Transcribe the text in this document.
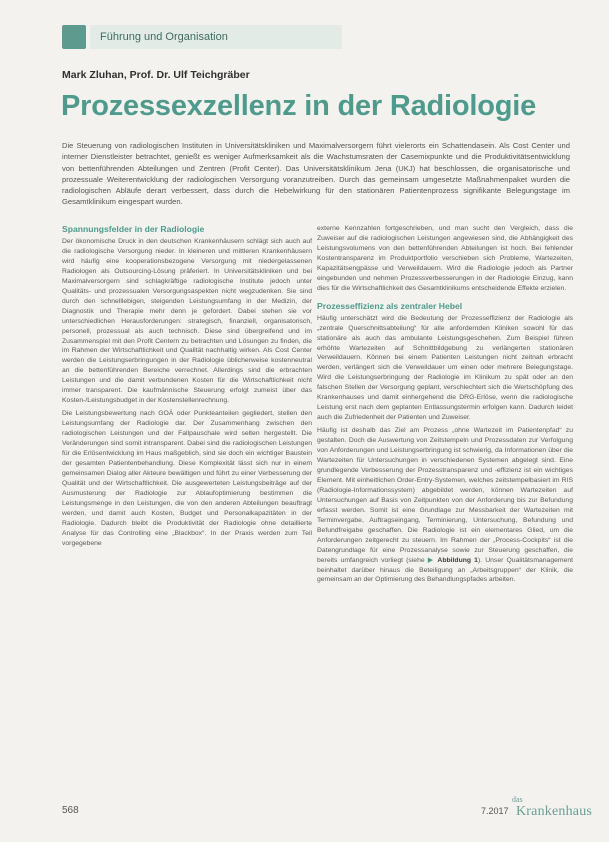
Führung und Organisation
Mark Zluhan, Prof. Dr. Ulf Teichgräber
Prozessexzellenz in der Radiologie

Die Steuerung von radiologischen Instituten in Universitätskliniken und Maximalversorgern führt vielerorts ein Schattendasein. Als Cost Center und interner Dienstleister betrachtet, genießt es weniger Aufmerksamkeit als die Wachstumsraten der Casemixpunkte und die Produktivitätsentwicklung von bettenführenden Abteilungen und Zentren (Profit Center). Das Universitätsklinikum Jena (UKJ) hat beschlossen, die organisatorische und prozessuale Weiterentwicklung der radiologischen Versorgung voranzutreiben. Durch das gemeinsam umgesetzte Maßnahmenpaket wurden die radiologischen Abläufe derart verbessert, dass durch die Hebelwirkung für den stationären Patientenprozess signifikante Belegungstage im Gesamtklinikum eingespart wurden.

Spannungsfelder in der Radiologie

Der ökonomische Druck in den deutschen Krankenhäusern schlägt sich auch auf die radiologische Versorgung nieder. In kleineren und mittleren Krankenhäusern wird häufig eine kooperationsbezogene Versorgung mit niedergelassenen Radiologen als Outsourcing-Lösung präferiert. In Universitätskliniken und bei Maximalversorgern sind schlagkräftige radiologische Institute jedoch unter Qualitäts- und prozessualen Versorgungsaspekten nicht wegzudenken. Sie sind durch den schnelllebigen, steigenden Leistungsumfang in der Medizin, der Diagnostik und Therapie mehr denn je gefordert. Dabei stehen sie vor unterschiedlichen Herausforderungen: strategisch, finanziell, organisatorisch, personell, prozessual als auch technisch. Diese sind übergreifend und im Zusammenspiel mit den Profit Centern zu betrachten und Lösungen zu finden, die im Rahmen der Wirtschaftlichkeit und Qualität nachhaltig wirken. Als Cost Center werden die Leistungserbringungen in der Radiologie üblicherweise kostenneutral an die bettenführenden Bereiche verrechnet. Allerdings sind die erbrachten Leistungen und die damit verbundenen Kosten für die Wirtschaftlichkeit nicht immer transparent. Die kaufmännische Steuerung erfolgt zumeist über das Kosten-/Leistungsbudget in der Kostenstellenrechnung.

Die Leistungsbewertung nach GOÄ oder Punkteanteilen gegliedert, stellen den Leistungsumfang der Radiologie dar. Der Zusammenhang zwischen den radiologischen Leistungen und der Fallpauschale wird selten hergestellt. Die Veränderungen sind somit intransparent. Dabei sind die radiologischen Leistungen für die Erlösentwicklung im Haus maßgeblich, sind sie doch ein wichtiger Baustein der gesamten Patientenbehandlung. Diese Komplexität lässt sich nur in einem gemeinsamen Dialog aller Akteure bewältigen und führt zu einer Verbesserung der Qualität und der Wirtschaftlichkeit. Die ausgewerteten Leistungsbeiträge auf der Ausmusterung der Radiologie zur Ablaufoptimierung bestimmen die Leistungsmenge in den Leistungen, die von den anderen Abteilungen beauftragt werden, und damit auch Kosten, Budget und Personalkapazitäten in der Radiologie. Dadurch bleibt die Produktivität der Radiologie ohne detaillierte Analyse für das Controlling eine „Blackbox“. In der Praxis werden zum Teil vorgegebene

externe Kennzahlen fortgeschrieben, und man sucht den Vergleich, dass die Zuweiser auf die radiologischen Leistungen angewiesen sind, die Abhängigkeit des Leistungsvolumens von den bettenführenden Abteilungen ist hoch. Bei fehlender Kostentransparenz im Produktportfolio verschieben sich Probleme, Wartezeiten, Kapazitätsengpässe und Verweildauern. Wird die Radiologie jedoch als Partner eingebunden und nehmen Prozessverbesserungen in der Radiologie Einzug, kann dies für die Wirtschaftlichkeit des Gesamtklinikums entscheidende Effekte erzielen.

Prozesseffizienz als zentraler Hebel

Häufig unterschätzt wird die Bedeutung der Prozesseffizienz der Radiologie als „zentrale Querschnittsabteilung“ für alle anfordernden Kliniken sowohl für das stationäre als auch das ambulante Leistungsgeschehen. Zum Beispiel führen erhöhte Wartezeiten auf Schnittbildgebung zu verlängerten stationären Verweildauern. Können bei einem Patienten Leistungen nicht zeitnah erbracht werden, verlängert sich die Verweildauer um einen oder mehrere Belegungstage. Wird die Leistungserbringung der Radiologie im Klinikum zu spät oder an den falschen Stellen der Versorgung geplant, verschlechtert sich die Wertschöpfung des Krankenhauses und damit einhergehend die DRG-Erlöse, wenn die radiologische Leistung erst nach dem geplanten Entlassungstermin erfolgen kann. Dadurch leidet auch die Zufriedenheit der Patienten und Zuweiser.

Häufig ist deshalb das Ziel am Prozess „ohne Wartezeit im Patientenpfad“ zu gestalten. Doch die Auswertung von Zeitstempeln und Prozessdaten zur Verfolgung von Anforderungen und Leistungserbringung ist schwierig, da Informationen über die Wartezeiten für Untersuchungen in verschiedenen Systemen abgelegt sind. Eine grundlegende Verbesserung der Prozesstransparenz und -effizienz ist ein wichtiges Element. Mit einheitlichen Order-Entry-Systemen, welches zeitstempelbasiert im RIS (Radiologie-Informationssystem) abgebildet werden, können Wartezeiten auf Untersuchungen auf Basis von Zeitpunkten von der Anforderung bis zur Befundung erfasst werden. Somit ist eine Grundlage zur Messbarkeit der Wartezeiten mit Terminvergabe, Auftragseingang, Terminierung, Untersuchung, Befundung und Befundfreigabe geschaffen. Die Radiologie ist ein elementares Glied, um die Anforderungen zeitgerecht zu steuern. Im Rahmen der „Process-Cockpits“ ist die Datengrundlage für eine Prozessanalyse sowie zur Steuerung geschaffen, die bereits umfangreich vorliegt (siehe ▶ Abbildung 1). Unser Qualitätsmanagement beinhaltet darüber hinaus die Beteiligung an „Arbeitsgruppen“ der Klinik, die gemeinsam an der Optimierung des Behandlungspfades arbeiten.

568	7.2017
das
Krankenhaus
